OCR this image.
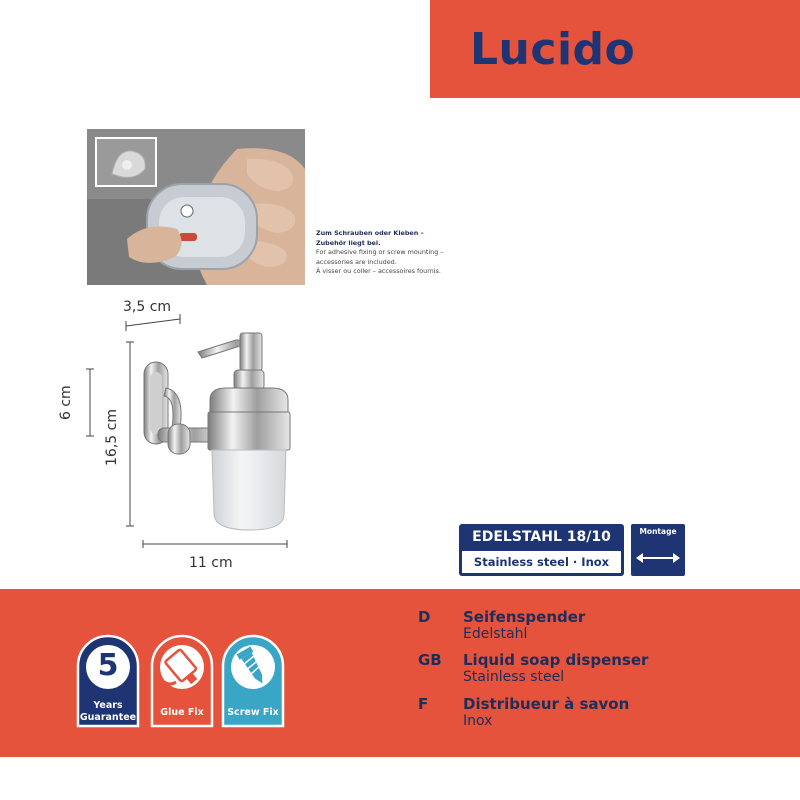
Lucido
Zum Schrauben oder Kleben –
Zubehör liegt bei.
For adhesive fixing or screw mounting –
accessories are included.
À visser ou coller – accessoires fournis.
3,5 cm
6 cm
16,5 cm
11 cm
EDELSTAHL 18/10
Stainless steel · Inox
Montage
5
Years
Guarantee	Glue Fix	Screw Fix
D Seifenspender
Edelstahl
GB Liquid soap dispenser
Stainless steel
F Distribueur à savon
Inox
